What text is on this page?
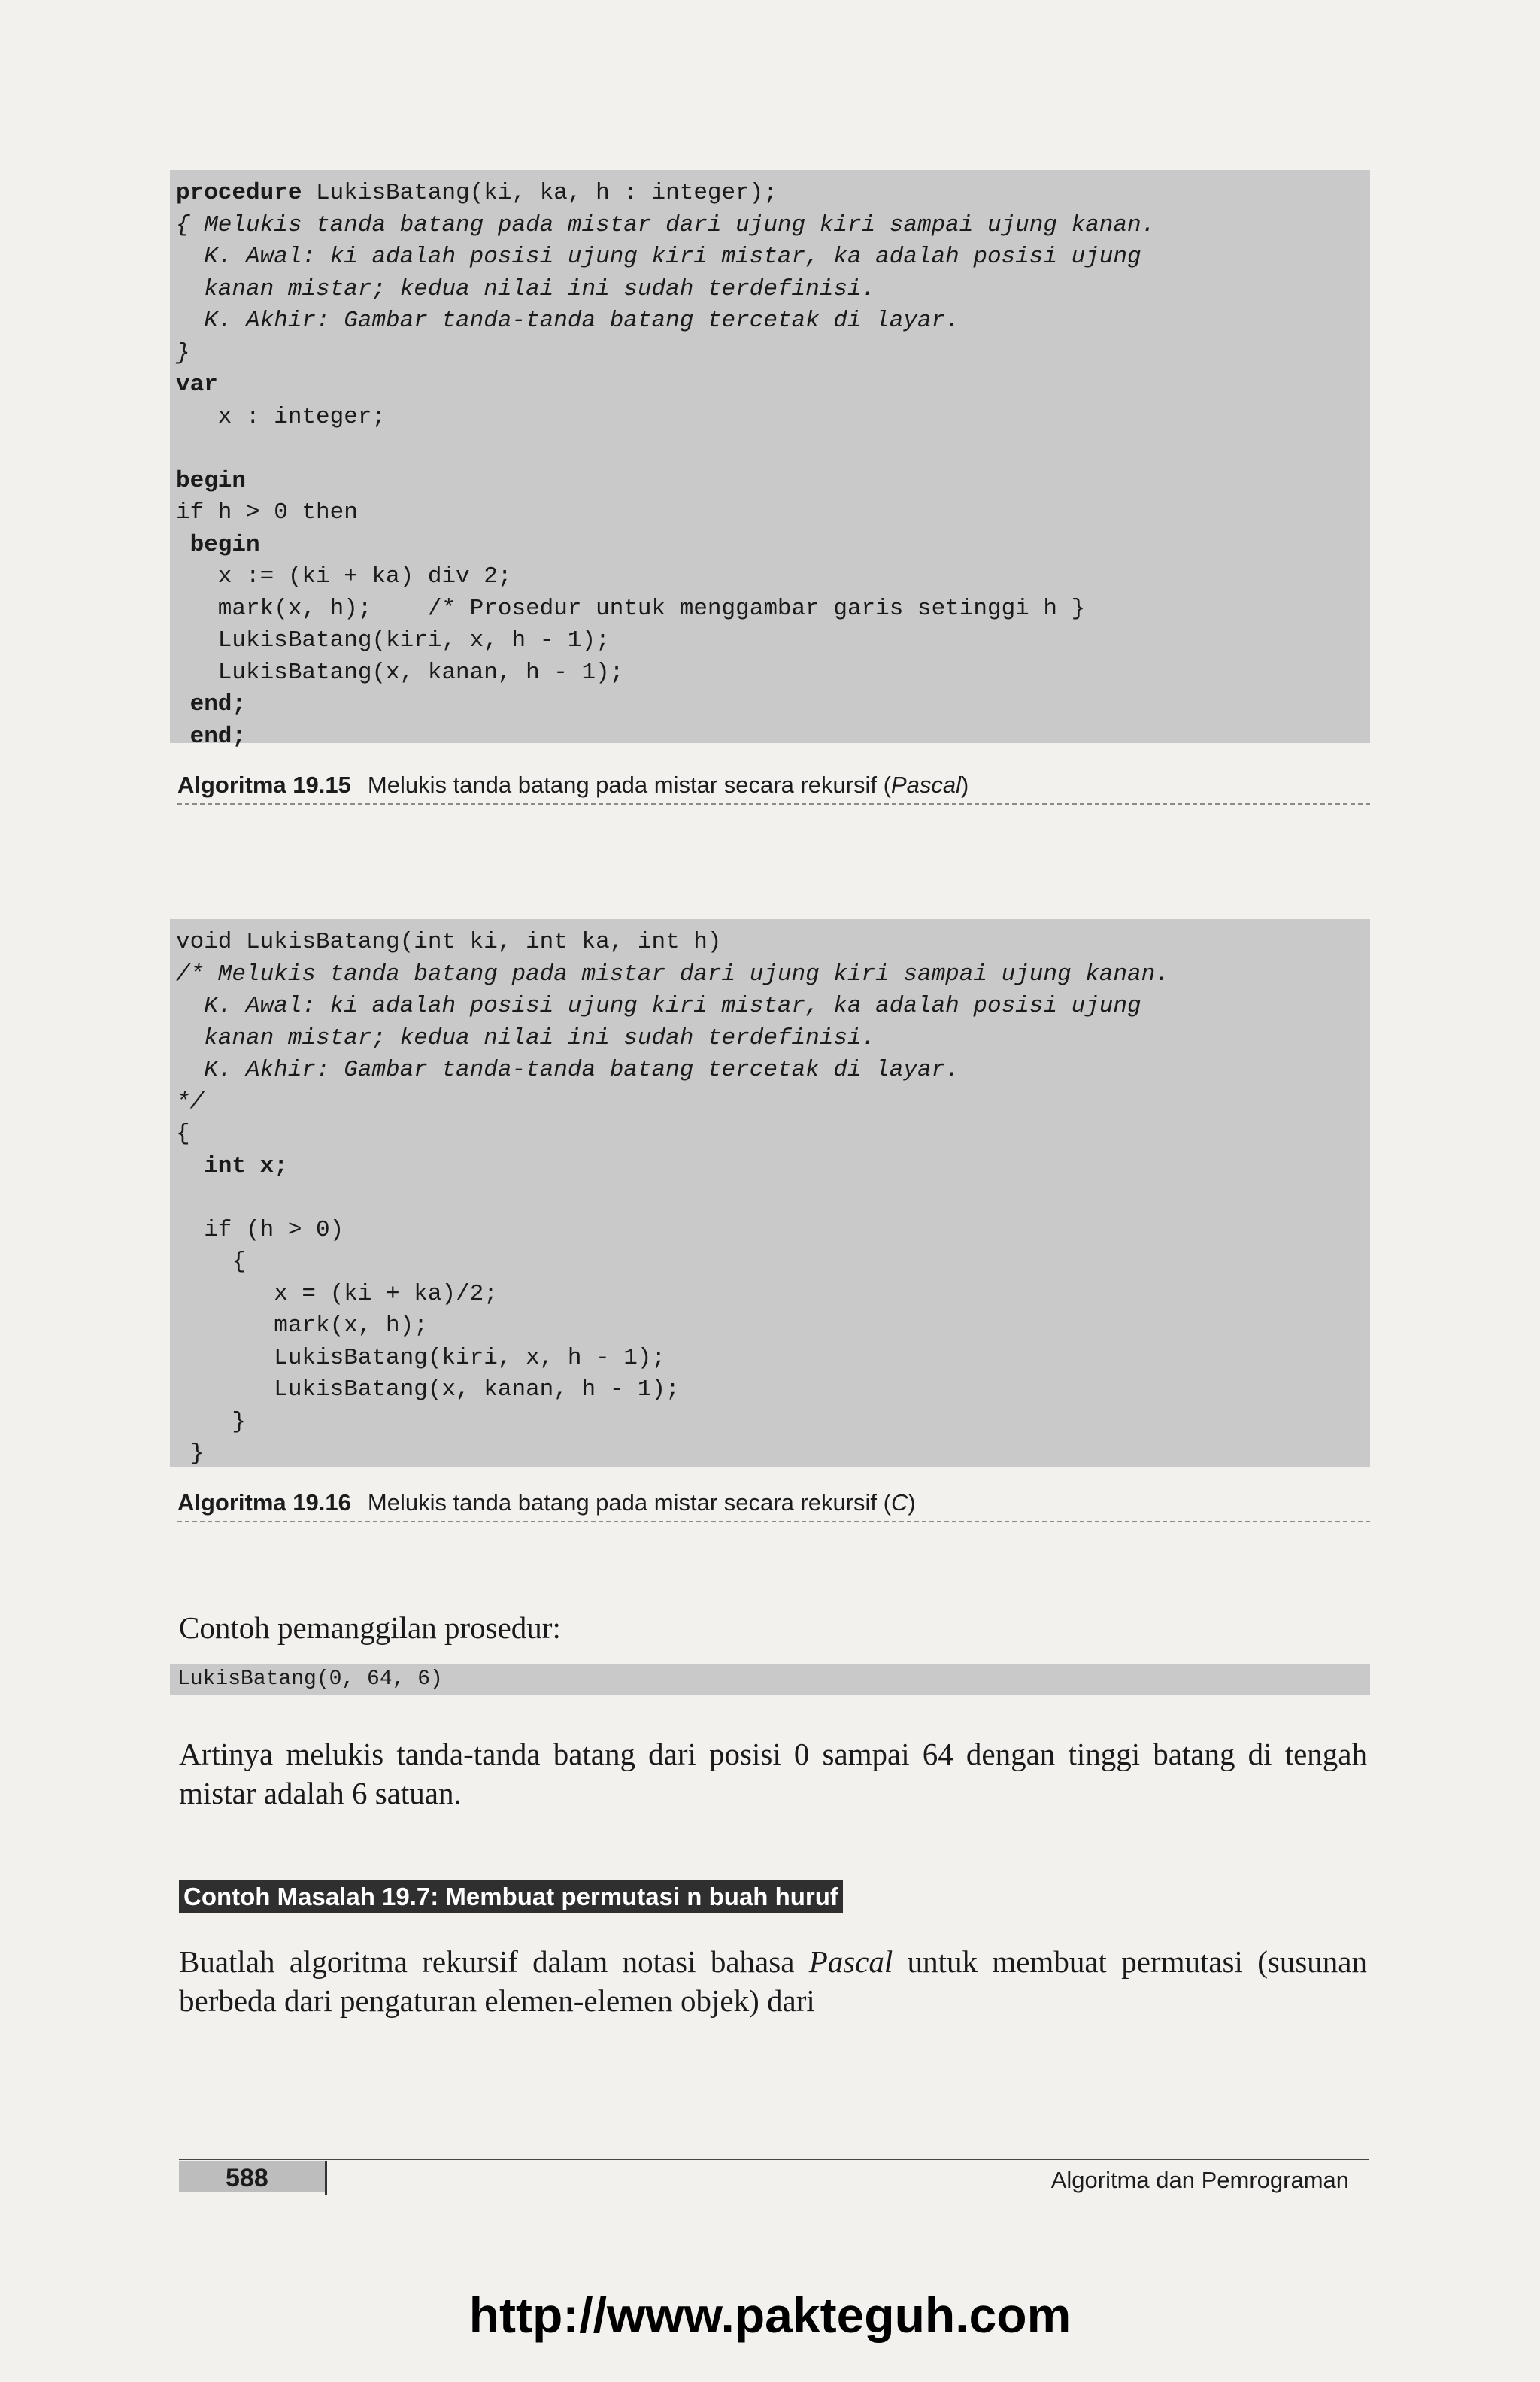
procedure LukisBatang(ki, ka, h : integer);
{ Melukis tanda batang pada mistar dari ujung kiri sampai ujung kanan.
K. Awal: ki adalah posisi ujung kiri mistar, ka adalah posisi ujung
kanan mistar; kedua nilai ini sudah terdefinisi.
K. Akhir: Gambar tanda-tanda batang tercetak di layar.
}
var
x : integer;
begin
if h > 0 then
begin
x := (ki + ka) div 2;
mark(x, h);    /* Prosedur untuk menggambar garis setinggi h }
LukisBatang(kiri, x, h - 1);
LukisBatang(x, kanan, h - 1);
end;
end;
Algoritma 19.15 Melukis tanda batang pada mistar secara rekursif (Pascal)
void LukisBatang(int ki, int ka, int h)
/* Melukis tanda batang pada mistar dari ujung kiri sampai ujung kanan.
K. Awal: ki adalah posisi ujung kiri mistar, ka adalah posisi ujung
kanan mistar; kedua nilai ini sudah terdefinisi.
K. Akhir: Gambar tanda-tanda batang tercetak di layar.
*/
{
int x;
if (h > 0)
{
x = (ki + ka)/2;
mark(x, h);
LukisBatang(kiri, x, h - 1);
LukisBatang(x, kanan, h - 1);
}
}
Algoritma 19.16 Melukis tanda batang pada mistar secara rekursif (C)
Contoh pemanggilan prosedur:
LukisBatang(0, 64, 6)
Artinya melukis tanda-tanda batang dari posisi 0 sampai 64 dengan tinggi batang di tengah mistar adalah 6 satuan.
Contoh Masalah 19.7: Membuat permutasi n buah huruf
Buatlah algoritma rekursif dalam notasi bahasa Pascal untuk membuat permutasi (susunan berbeda dari pengaturan elemen-elemen objek) dari
588	Algoritma dan Pemrograman
http://www.pakteguh.com
